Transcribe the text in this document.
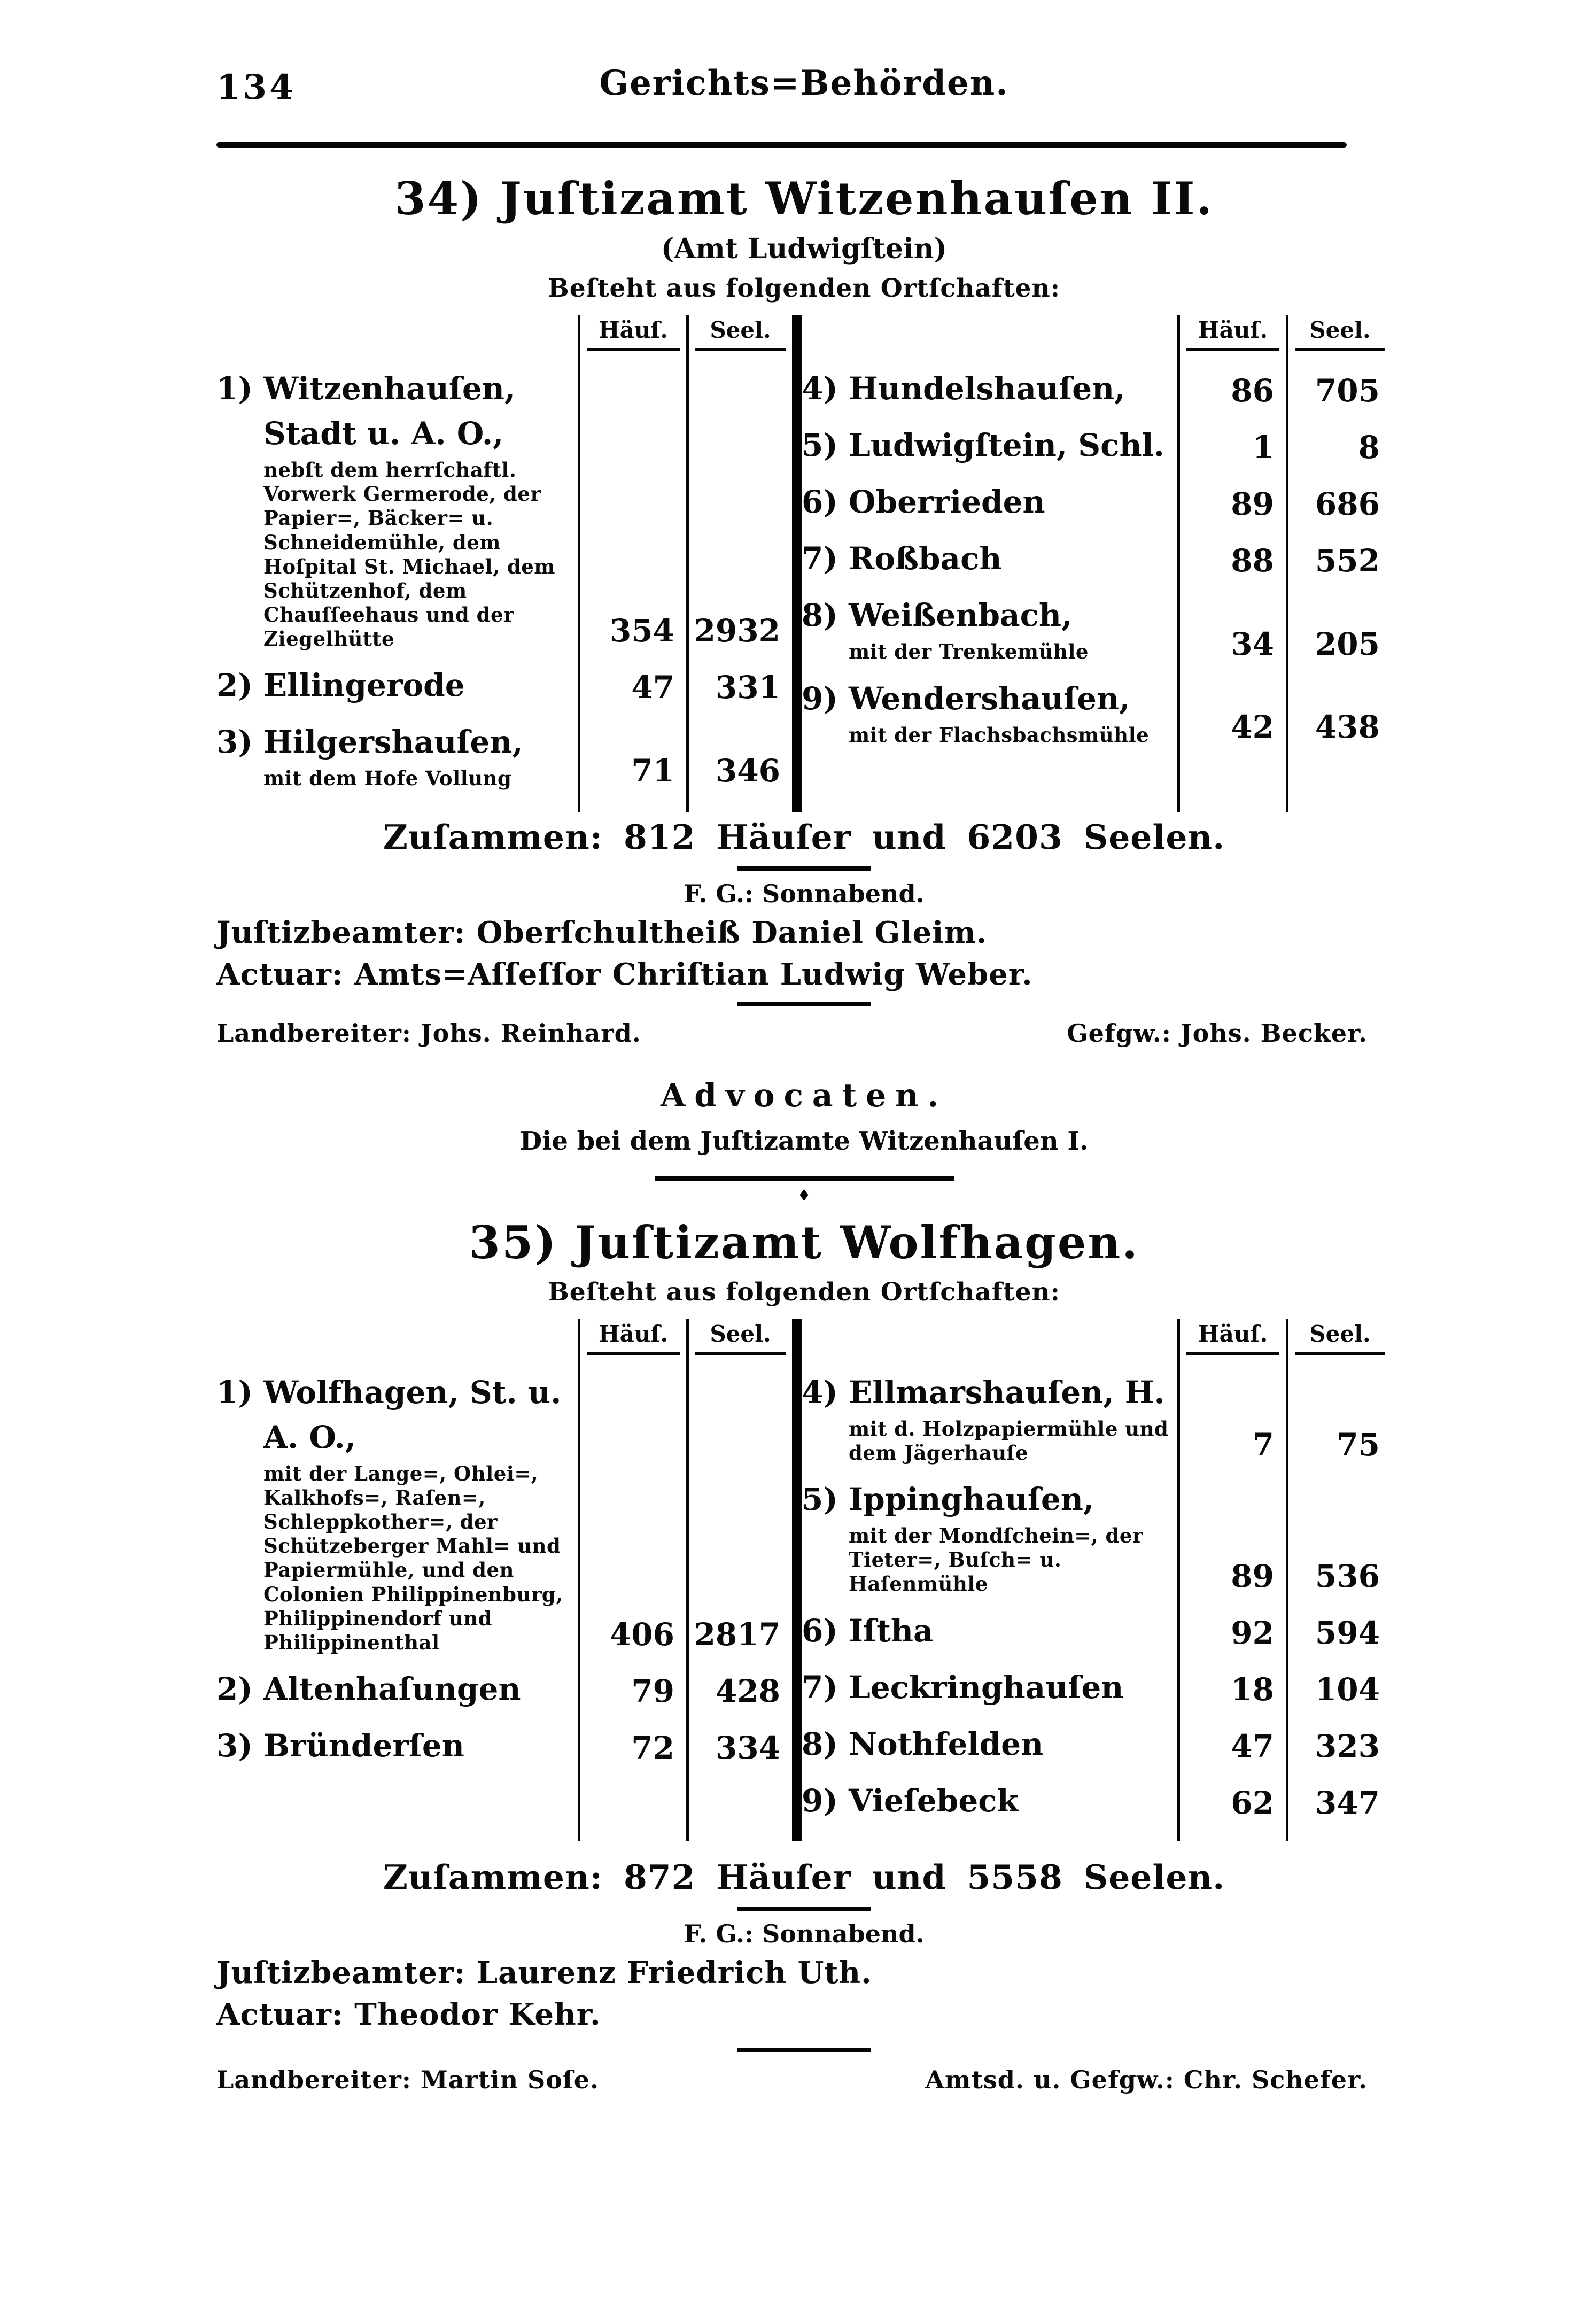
134	Gerichts=Behörden.
34) Juſtizamt Witzenhauſen II.
(Amt Ludwigſtein)
Beſteht aus folgenden Ortſchaften:
Häuſ.	Seel.
1) Witzenhauſen, Stadt u. A. O.,
nebſt dem herrſchaftl. Vorwerk Germerode, der Papier=, Bäcker= u. Schneidemühle, dem Hoſpital St. Michael, dem Schützenhof, dem Chauſſeehaus und der Ziegelhütte	354 2932
2) Ellingerode	47	331
3) Hilgershauſen,
mit dem Hofe Vollung	71	346
Häuſ.	Seel.
4) Hundelshauſen,	86	705
5) Ludwigſtein, Schl.	1	8
6) Oberrieden	89	686
7) Roßbach	88	552
8) Weißenbach,
mit der Trenkemühle	34	205
9) Wendershauſen,
mit der Flachsbachsmühle	42	438
Zuſammen: 812 Häuſer und 6203 Seelen.
F. G.: Sonnabend.
Juſtizbeamter: Oberſchultheiß Daniel Gleim.
Actuar: Amts=Aſſeſſor Chriſtian Ludwig Weber.
Landbereiter: Johs. Reinhard.	Gefgw.: Johs. Becker.
Advocaten.
Die bei dem Juſtizamte Witzenhauſen I.
35) Juſtizamt Wolfhagen.
Beſteht aus folgenden Ortſchaften:
Häuſ.	Seel.
1) Wolfhagen, St. u. A. O.,
mit der Lange=, Ohlei=, Kalkhofs=, Raſen=, Schleppkother=, der Schützeberger Mahl= und Papiermühle, und den Colonien Philippinenburg, Philippinendorf und Philippinenthal	406 2817
2) Altenhaſungen	79	428
3) Bründerſen	72	334
Häuſ.	Seel.
4) Ellmarshauſen, H.
mit d. Holzpapiermühle und dem Jägerhauſe	7	75
5) Ippinghauſen,
mit der Mondſchein=, der Tieter=, Buſch= u. Haſenmühle	89	536
6) Iſtha	92	594
7) Leckringhauſen	18	104
8) Nothfelden	47	323
9) Vieſebeck	62	347
Zuſammen: 872 Häuſer und 5558 Seelen.
F. G.: Sonnabend.
Juſtizbeamter: Laurenz Friedrich Uth.
Actuar: Theodor Kehr.
Landbereiter: Martin Soſe.	Amtsd. u. Gefgw.: Chr. Schefer.
